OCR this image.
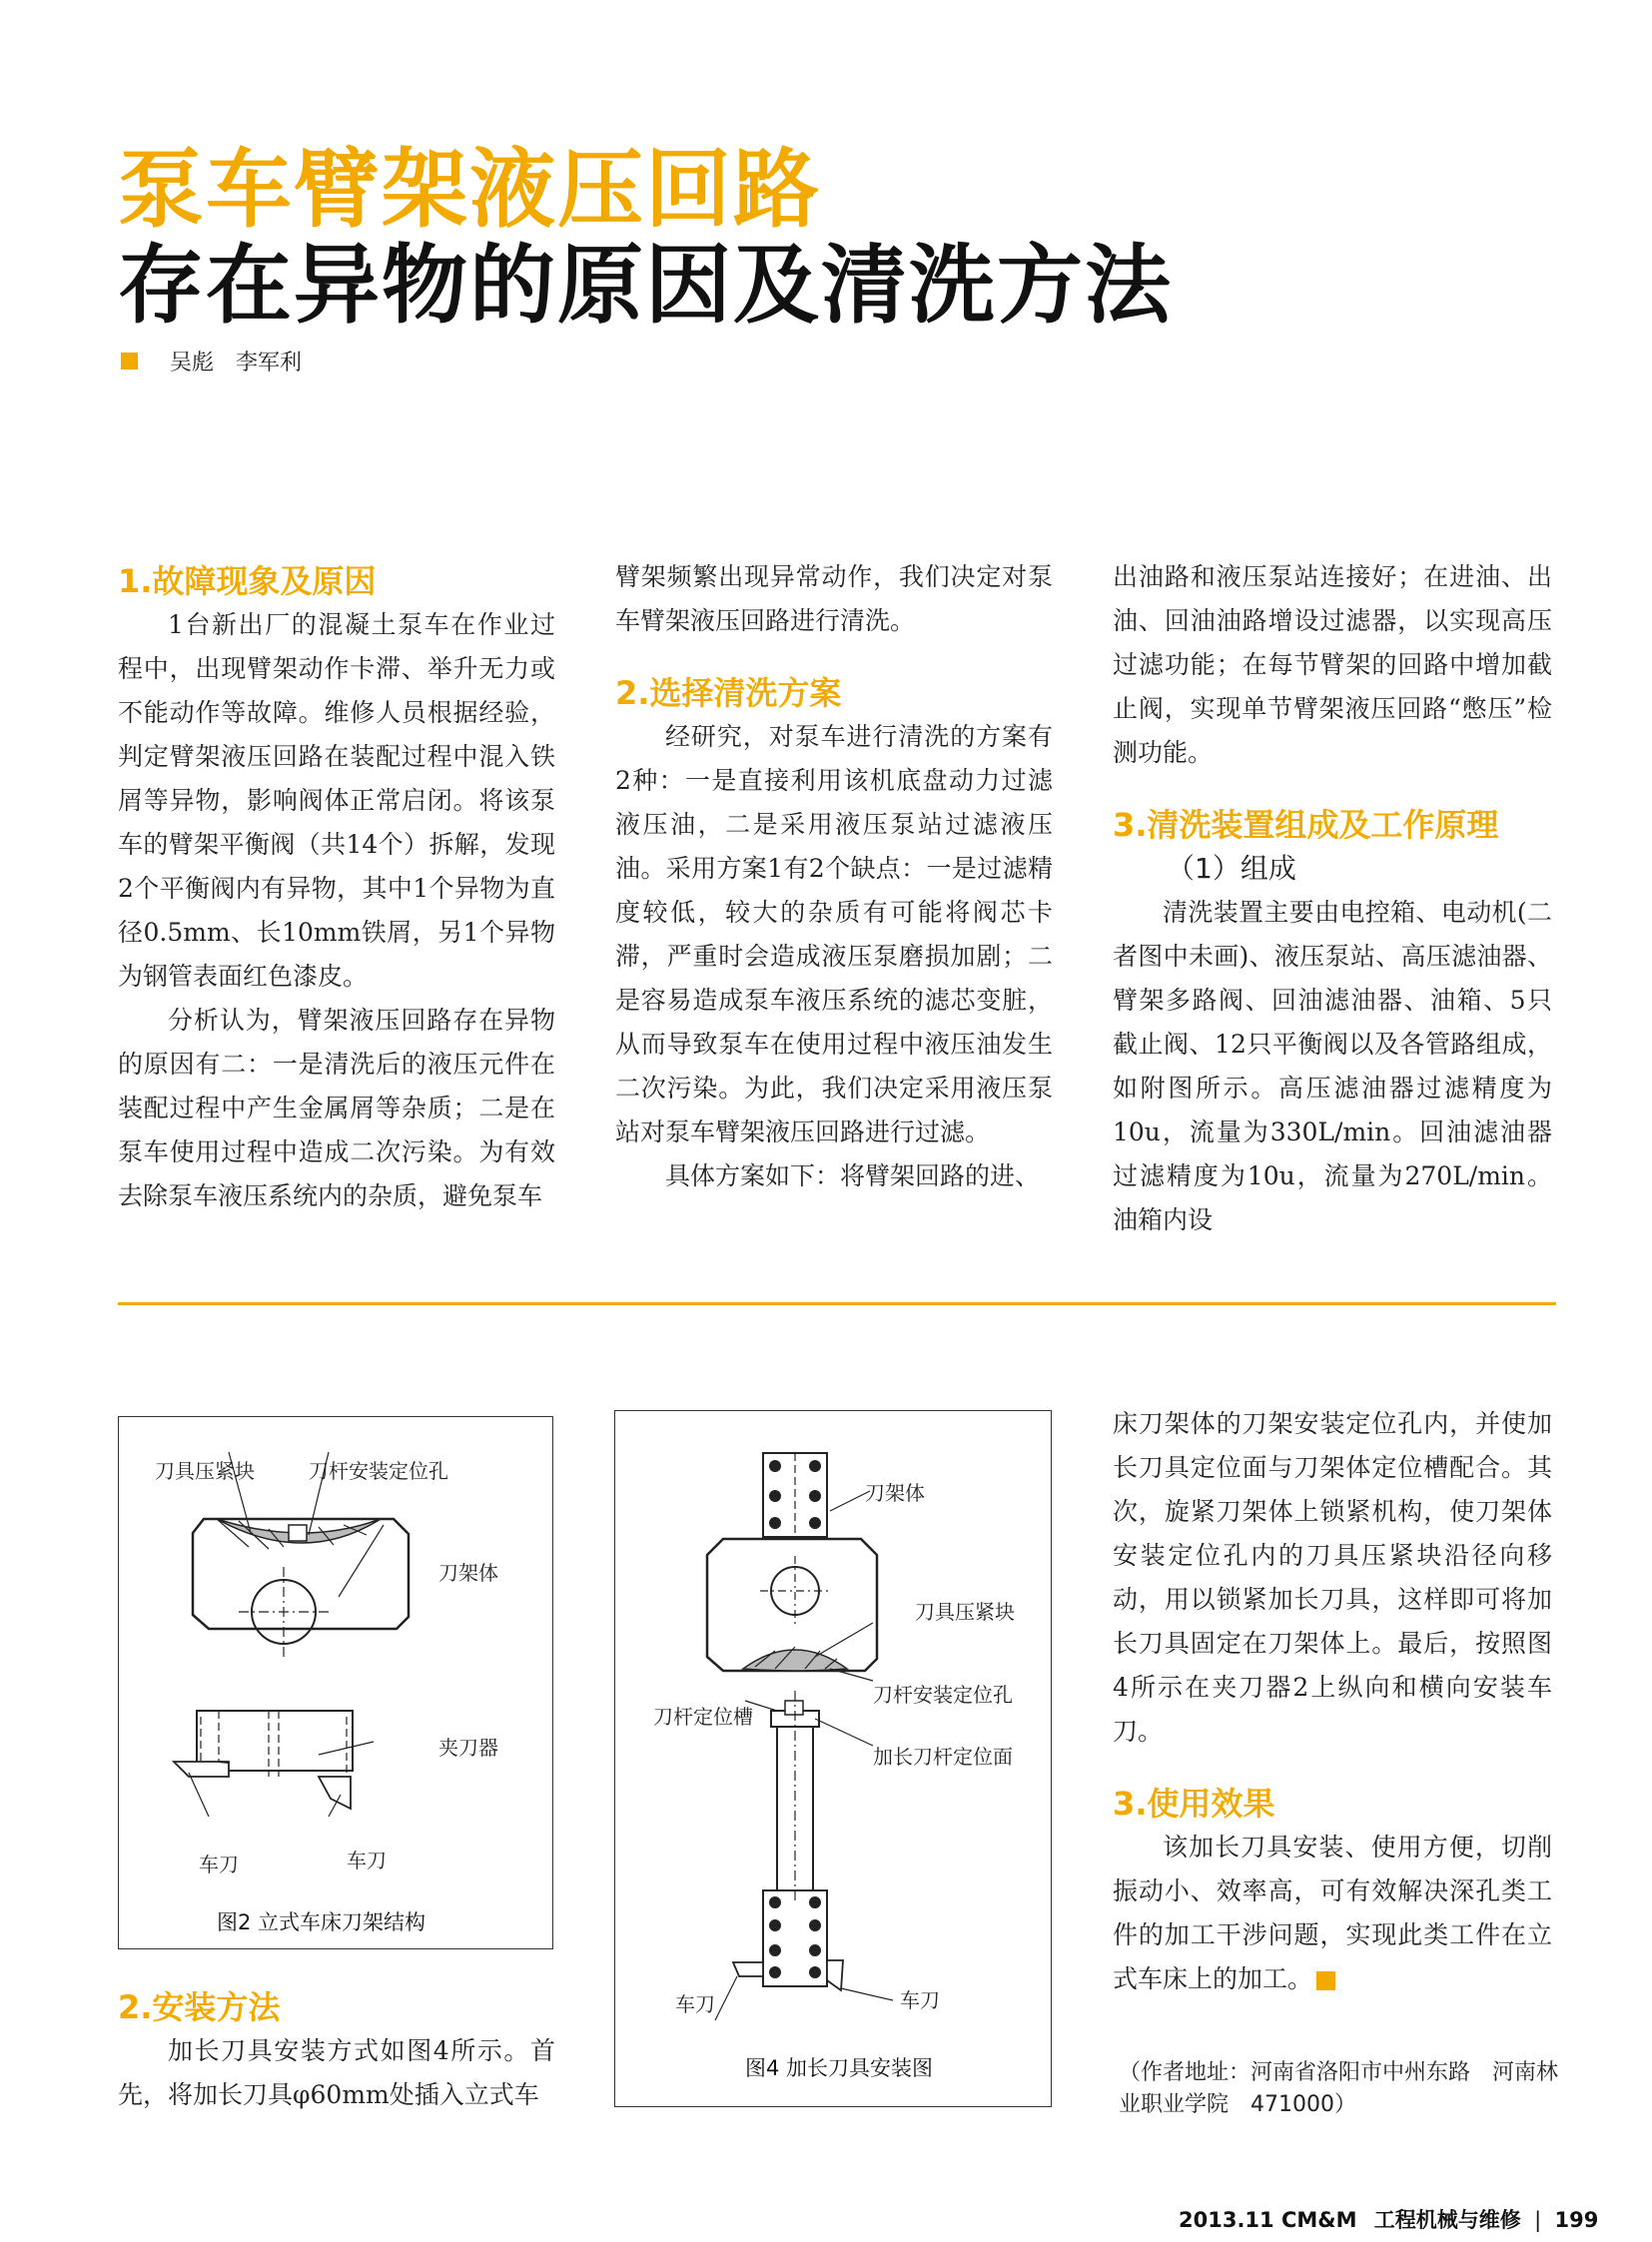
泵车臂架液压回路
存在异物的原因及清洗方法
吴彪　李军利
1.故障现象及原因

1台新出厂的混凝土泵车在作业过程中，出现臂架动作卡滞、举升无力或不能动作等故障。维修人员根据经验，判定臂架液压回路在装配过程中混入铁屑等异物，影响阀体正常启闭。将该泵车的臂架平衡阀（共14个）拆解，发现2个平衡阀内有异物，其中1个异物为直径0.5mm、长10mm铁屑，另1个异物为钢管表面红色漆皮。

分析认为，臂架液压回路存在异物的原因有二：一是清洗后的液压元件在装配过程中产生金属屑等杂质；二是在泵车使用过程中造成二次污染。为有效去除泵车液压系统内的杂质，避免泵车

臂架频繁出现异常动作，我们决定对泵车臂架液压回路进行清洗。

2.选择清洗方案

经研究，对泵车进行清洗的方案有2种：一是直接利用该机底盘动力过滤液压油，二是采用液压泵站过滤液压油。采用方案1有2个缺点：一是过滤精度较低，较大的杂质有可能将阀芯卡滞，严重时会造成液压泵磨损加剧；二是容易造成泵车液压系统的滤芯变脏，从而导致泵车在使用过程中液压油发生二次污染。为此，我们决定采用液压泵站对泵车臂架液压回路进行过滤。

具体方案如下：将臂架回路的进、

出油路和液压泵站连接好；在进油、出油、回油油路增设过滤器，以实现高压过滤功能；在每节臂架的回路中增加截止阀，实现单节臂架液压回路“憋压”检测功能。

3.清洗装置组成及工作原理
（1）组成

清洗装置主要由电控箱、电动机(二者图中未画)、液压泵站、高压滤油器、臂架多路阀、回油滤油器、油箱、5只截止阀、12只平衡阀以及各管路组成，如附图所示。高压滤油器过滤精度为10u，流量为330L/min。回油滤油器过滤精度为10u，流量为270L/min。油箱内设

刀具压紧块	刀杆安装定位孔
刀架体
夹刀器
车刀	车刀
图2 立式车床刀架结构
刀架体
刀具压紧块
刀杆安装定位孔
刀杆定位槽
加长刀杆定位面
车刀	车刀
图4 加长刀具安装图
2.安装方法

加长刀具安装方式如图4所示。首先，将加长刀具φ60mm处插入立式车

床刀架体的刀架安装定位孔内，并使加长刀具定位面与刀架体定位槽配合。其次，旋紧刀架体上锁紧机构，使刀架体安装定位孔内的刀具压紧块沿径向移动，用以锁紧加长刀具，这样即可将加长刀具固定在刀架体上。最后，按照图4所示在夹刀器2上纵向和横向安装车刀。

3.使用效果

该加长刀具安装、使用方便，切削振动小、效率高，可有效解决深孔类工件的加工干涉问题，实现此类工件在立式车床上的加工。

（作者地址：河南省洛阳市中州东路　河南林业职业学院　471000）
2013.11 CM&M 工程机械与维修 | 199
